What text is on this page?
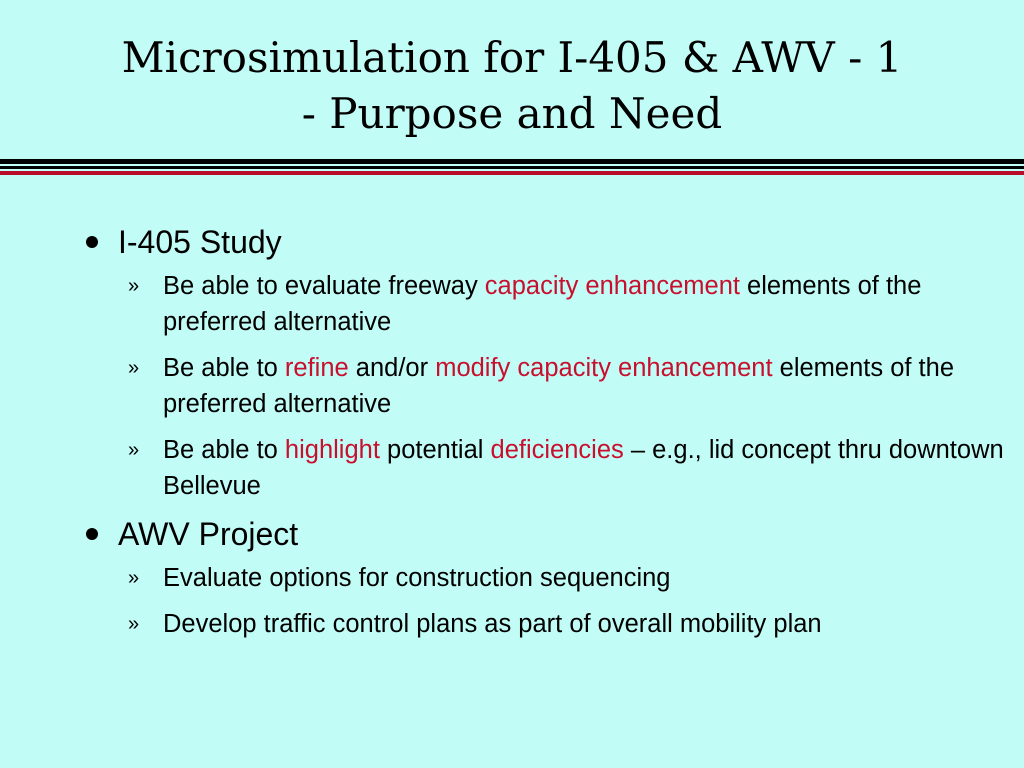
Microsimulation for I-405 & AWV - 1
- Purpose and Need
I-405 Study
» Be able to evaluate freeway capacity enhancement elements of the preferred alternative
» Be able to refine and/or modify capacity enhancement elements of the preferred alternative
» Be able to highlight potential deficiencies – e.g., lid concept thru downtown Bellevue
AWV Project
» Evaluate options for construction sequencing
» Develop traffic control plans as part of overall mobility plan
